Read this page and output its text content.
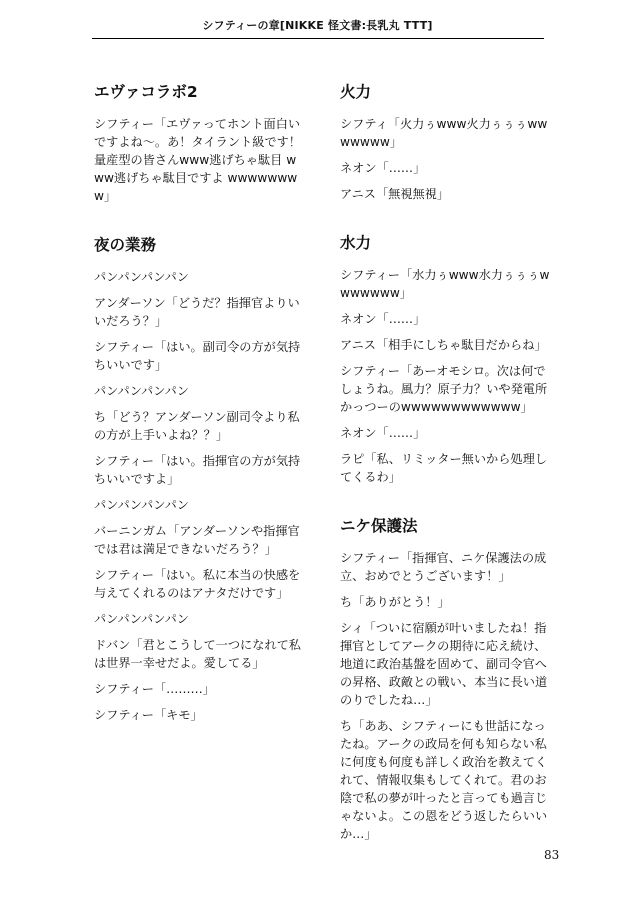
シフティーの章[NIKKE 怪文書:長乳丸 TTT]
エヴァコラボ2
シフティー「エヴァってホント面白いですよね～。あ！タイラント級です！量産型の皆さんwww逃げちゃ駄目 www逃げちゃ駄目ですよ wwwwwwww」
夜の業務
パンパンパンパン
アンダーソン「どうだ？指揮官よりいいだろう？」
シフティー「はい。副司令の方が気持ちいいです」
パンパンパンパン
ち「どう？アンダーソン副司令より私の方が上手いよね？？」
シフティー「はい。指揮官の方が気持ちいいですよ」
パンパンパンパン
バーニンガム「アンダーソンや指揮官では君は満足できないだろう？」
シフティー「はい。私に本当の快感を与えてくれるのはアナタだけです」
パンパンパンパン
ドバン「君とこうして一つになれて私は世界一幸せだよ。愛してる」
シフティー「………」
シフティー「キモ」
火力
シフティ「火力ぅwww火力ぅぅぅwwwwwww」
ネオン「……」
アニス「無視無視」
水力
シフティー「水力ぅwww水力ぅぅぅwwwwwww」
ネオン「……」
アニス「相手にしちゃ駄目だからね」
シフティー「あーオモシロ。次は何でしょうね。風力？原子力？いや発電所かっつーのwwwwwwwwwwww」
ネオン「……」
ラピ「私、リミッター無いから処理してくるわ」
ニケ保護法
シフティー「指揮官、ニケ保護法の成立、おめでとうございます！」
ち「ありがとう！」
シィ「ついに宿願が叶いましたね！指揮官としてアークの期待に応え続け、地道に政治基盤を固めて、副司令官への昇格、政敵との戦い、本当に長い道のりでしたね…」
ち「ああ、シフティーにも世話になったね。アークの政局を何も知らない私に何度も何度も詳しく政治を教えてくれて、情報収集もしてくれて。君のお陰で私の夢が叶ったと言っても過言じゃないよ。この恩をどう返したらいいか…」
83
